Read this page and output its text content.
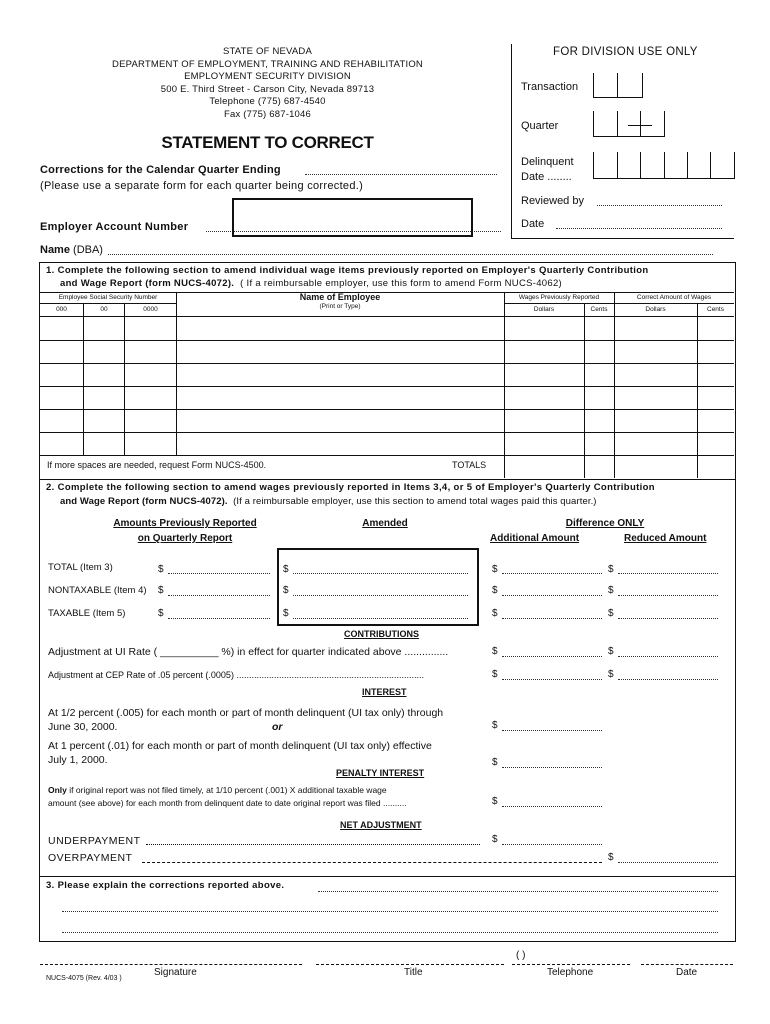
STATE OF NEVADA
DEPARTMENT OF EMPLOYMENT, TRAINING AND REHABILITATION
EMPLOYMENT SECURITY DIVISION
500 E. Third Street - Carson City, Nevada 89713
Telephone (775) 687-4540
Fax (775) 687-1046
STATEMENT TO CORRECT
FOR DIVISION USE ONLY
Transaction
Quarter
Delinquent
Date ........
Reviewed by
Date
Corrections for the Calendar Quarter Ending
(Please use a separate form for each quarter being corrected.)
Employer Account Number
Name (DBA)
1. Complete the following section to amend individual wage items previously reported on Employer's Quarterly Contribution
and Wage Report (form NUCS-4072). ( If a reimbursable employer, use this form to amend Form NUCS-4062)
Employee Social Security Number
000	00	0000
Name of Employee
(Print or Type)
Wages Previously Reported	Correct Amount of Wages
Dollars	Cents	Dollars	Cents
If more spaces are needed, request Form NUCS-4500.	TOTALS
2. Complete the following section to amend wages previously reported in Items 3,4, or 5 of Employer's Quarterly Contribution
and Wage Report (form NUCS-4072). (If a reimbursable employer, use this section to amend total wages paid this quarter.)
Amounts Previously Reported
on Quarterly Report
Amended	Difference ONLY
Additional Amount	Reduced Amount
TOTAL (Item 3)	$	$	$	$
NONTAXABLE (Item 4) $	$	$	$
TAXABLE (Item 5)	$	$	$	$
CONTRIBUTIONS
Adjustment at UI Rate ( __________ %) in effect for quarter indicated above ...............	$	$
Adjustment at CEP Rate of .05 percent (.0005) ...........................................................................	$	$
INTEREST
At 1/2 percent (.005) for each month or part of month delinquent (UI tax only) through
June 30, 2000.	or	$
At 1 percent (.01) for each month or part of month delinquent (UI tax only) effective
July 1, 2000.	$
PENALTY INTEREST
Only if original report was not filed timely, at 1/10 percent (.001) X additional taxable wage
amount (see above) for each month from delinquent date to date original report was filed ..........	$
NET ADJUSTMENT
UNDERPAYMENT	$
OVERPAYMENT	$
3. Please explain the corrections reported above.
( )
NUCS-4075 (Rev. 4/03 )
Signature	Title	Telephone	Date
